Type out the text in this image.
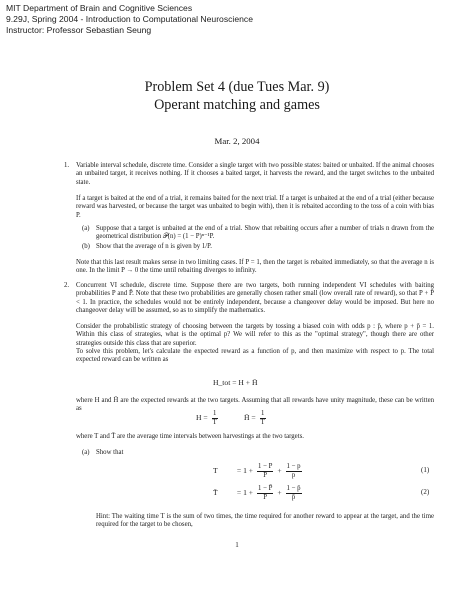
MIT Department of Brain and Cognitive Sciences
9.29J, Spring 2004 - Introduction to Computational Neuroscience
Instructor: Professor Sebastian Seung
Problem Set 4 (due Tues Mar. 9)
Operant matching and games
Mar. 2, 2004
1. Variable interval schedule, discrete time. Consider a single target with two possible states: baited or unbaited. If the animal chooses an unbaited target, it receives nothing. If it chooses a baited target, it harvests the reward, and the target switches to the unbaited state.
If a target is baited at the end of a trial, it remains baited for the next trial. If a target is unbaited at the end of a trial (either because reward was harvested, or because the target was unbaited to begin with), then it is rebaited according to the toss of a coin with bias P.
(a) Suppose that a target is unbaited at the end of a trial. Show that rebaiting occurs after a number of trials n drawn from the geometrical distribution 𝒫(n) = (1 − P)ⁿ⁻¹P.
(b) Show that the average of n is given by 1/P.
Note that this last result makes sense in two limiting cases. If P = 1, then the target is rebaited immediately, so that the average n is one. In the limit P → 0 the time until rebaiting diverges to infinity.
2. Concurrent VI schedule, discrete time. Suppose there are two targets, both running independent VI schedules with baiting probabilities P and P̄. Note that these two probabilities are generally chosen rather small (low overall rate of reward), so that P + P̄ < 1. In practice, the schedules would not be entirely independent, because a changeover delay would be imposed. But here no changeover delay will be assumed, so as to simplify the mathematics.
Consider the probabilistic strategy of choosing between the targets by tossing a biased coin with odds p : p̄, where p + p̄ = 1. Within this class of strategies, what is the optimal p? We will refer to this as the "optimal strategy", though there are other strategies outside this class that are superior.
To solve this problem, let's calculate the expected reward as a function of p, and then maximize with respect to p. The total expected reward can be written as
H_tot = H + H̄
where H and H̄ are the expected rewards at the two targets. Assuming that all rewards have unity magnitude, these can be written as
$H = \frac{1}{T}$	H̄ = $\frac{1}{T̄}$
where T and T̄ are the average time intervals between harvestings at the two targets.
(a) Show that
T	= $1 + \frac{1 - P}{P} + \frac{1 - p}{p}$	(1)
T̄	= $1 + \frac{1 - P̄}{P̄} + \frac{1 - p̄}{p̄}$	(2)
Hint: The waiting time T is the sum of two times, the time required for another reward to appear at the target, and the time required for the target to be chosen,
1
